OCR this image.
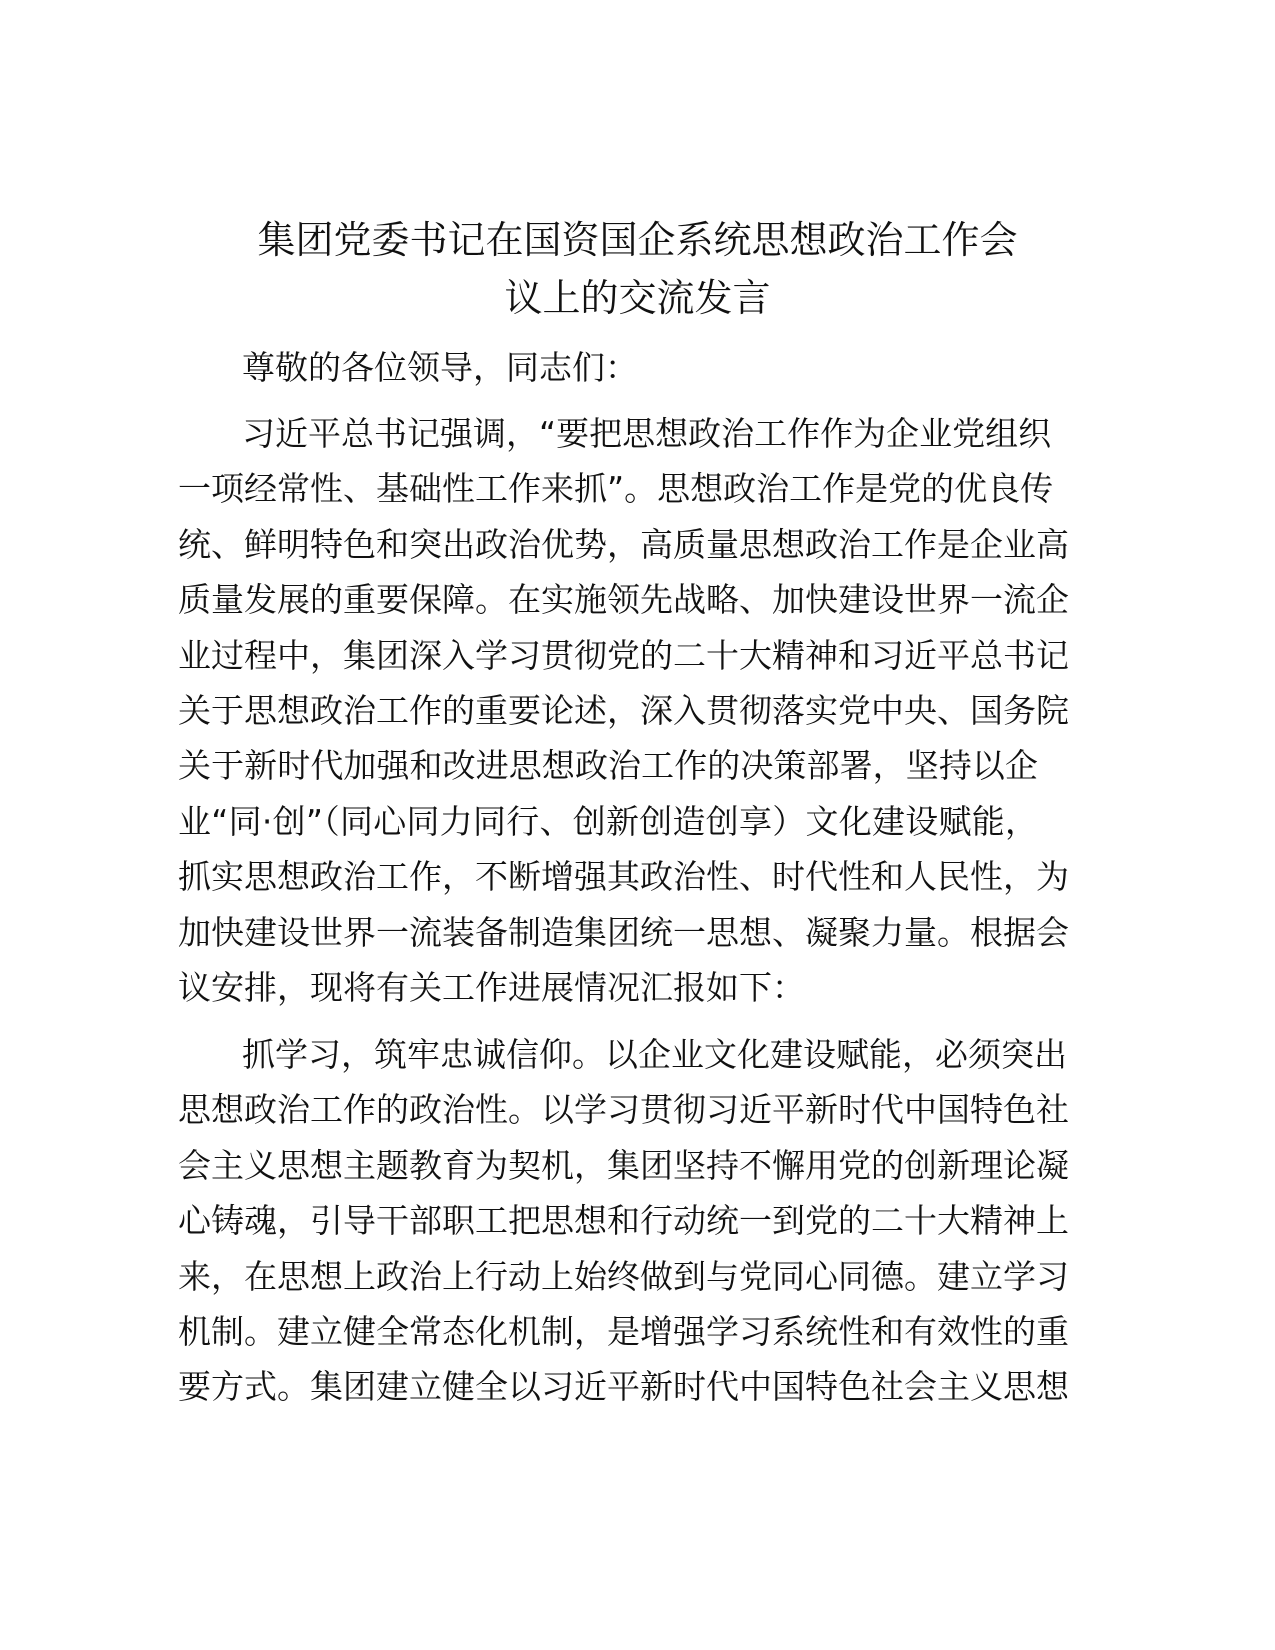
集团党委书记在国资国企系统思想政治工作会
议上的交流发言
尊敬的各位领导，同志们：
习近平总书记强调，“要把思想政治工作作为企业党组织
一项经常性、基础性工作来抓”。思想政治工作是党的优良传
统、鲜明特色和突出政治优势，高质量思想政治工作是企业高
质量发展的重要保障。在实施领先战略、加快建设世界一流企
业过程中，集团深入学习贯彻党的二十大精神和习近平总书记
关于思想政治工作的重要论述，深入贯彻落实党中央、国务院
关于新时代加强和改进思想政治工作的决策部署，坚持以企
业“同·创”（同心同力同行、创新创造创享）文化建设赋能，
抓实思想政治工作，不断增强其政治性、时代性和人民性，为
加快建设世界一流装备制造集团统一思想、凝聚力量。根据会
议安排，现将有关工作进展情况汇报如下：
抓学习，筑牢忠诚信仰。以企业文化建设赋能，必须突出
思想政治工作的政治性。以学习贯彻习近平新时代中国特色社
会主义思想主题教育为契机，集团坚持不懈用党的创新理论凝
心铸魂，引导干部职工把思想和行动统一到党的二十大精神上
来，在思想上政治上行动上始终做到与党同心同德。建立学习
机制。建立健全常态化机制，是增强学习系统性和有效性的重
要方式。集团建立健全以习近平新时代中国特色社会主义思想
